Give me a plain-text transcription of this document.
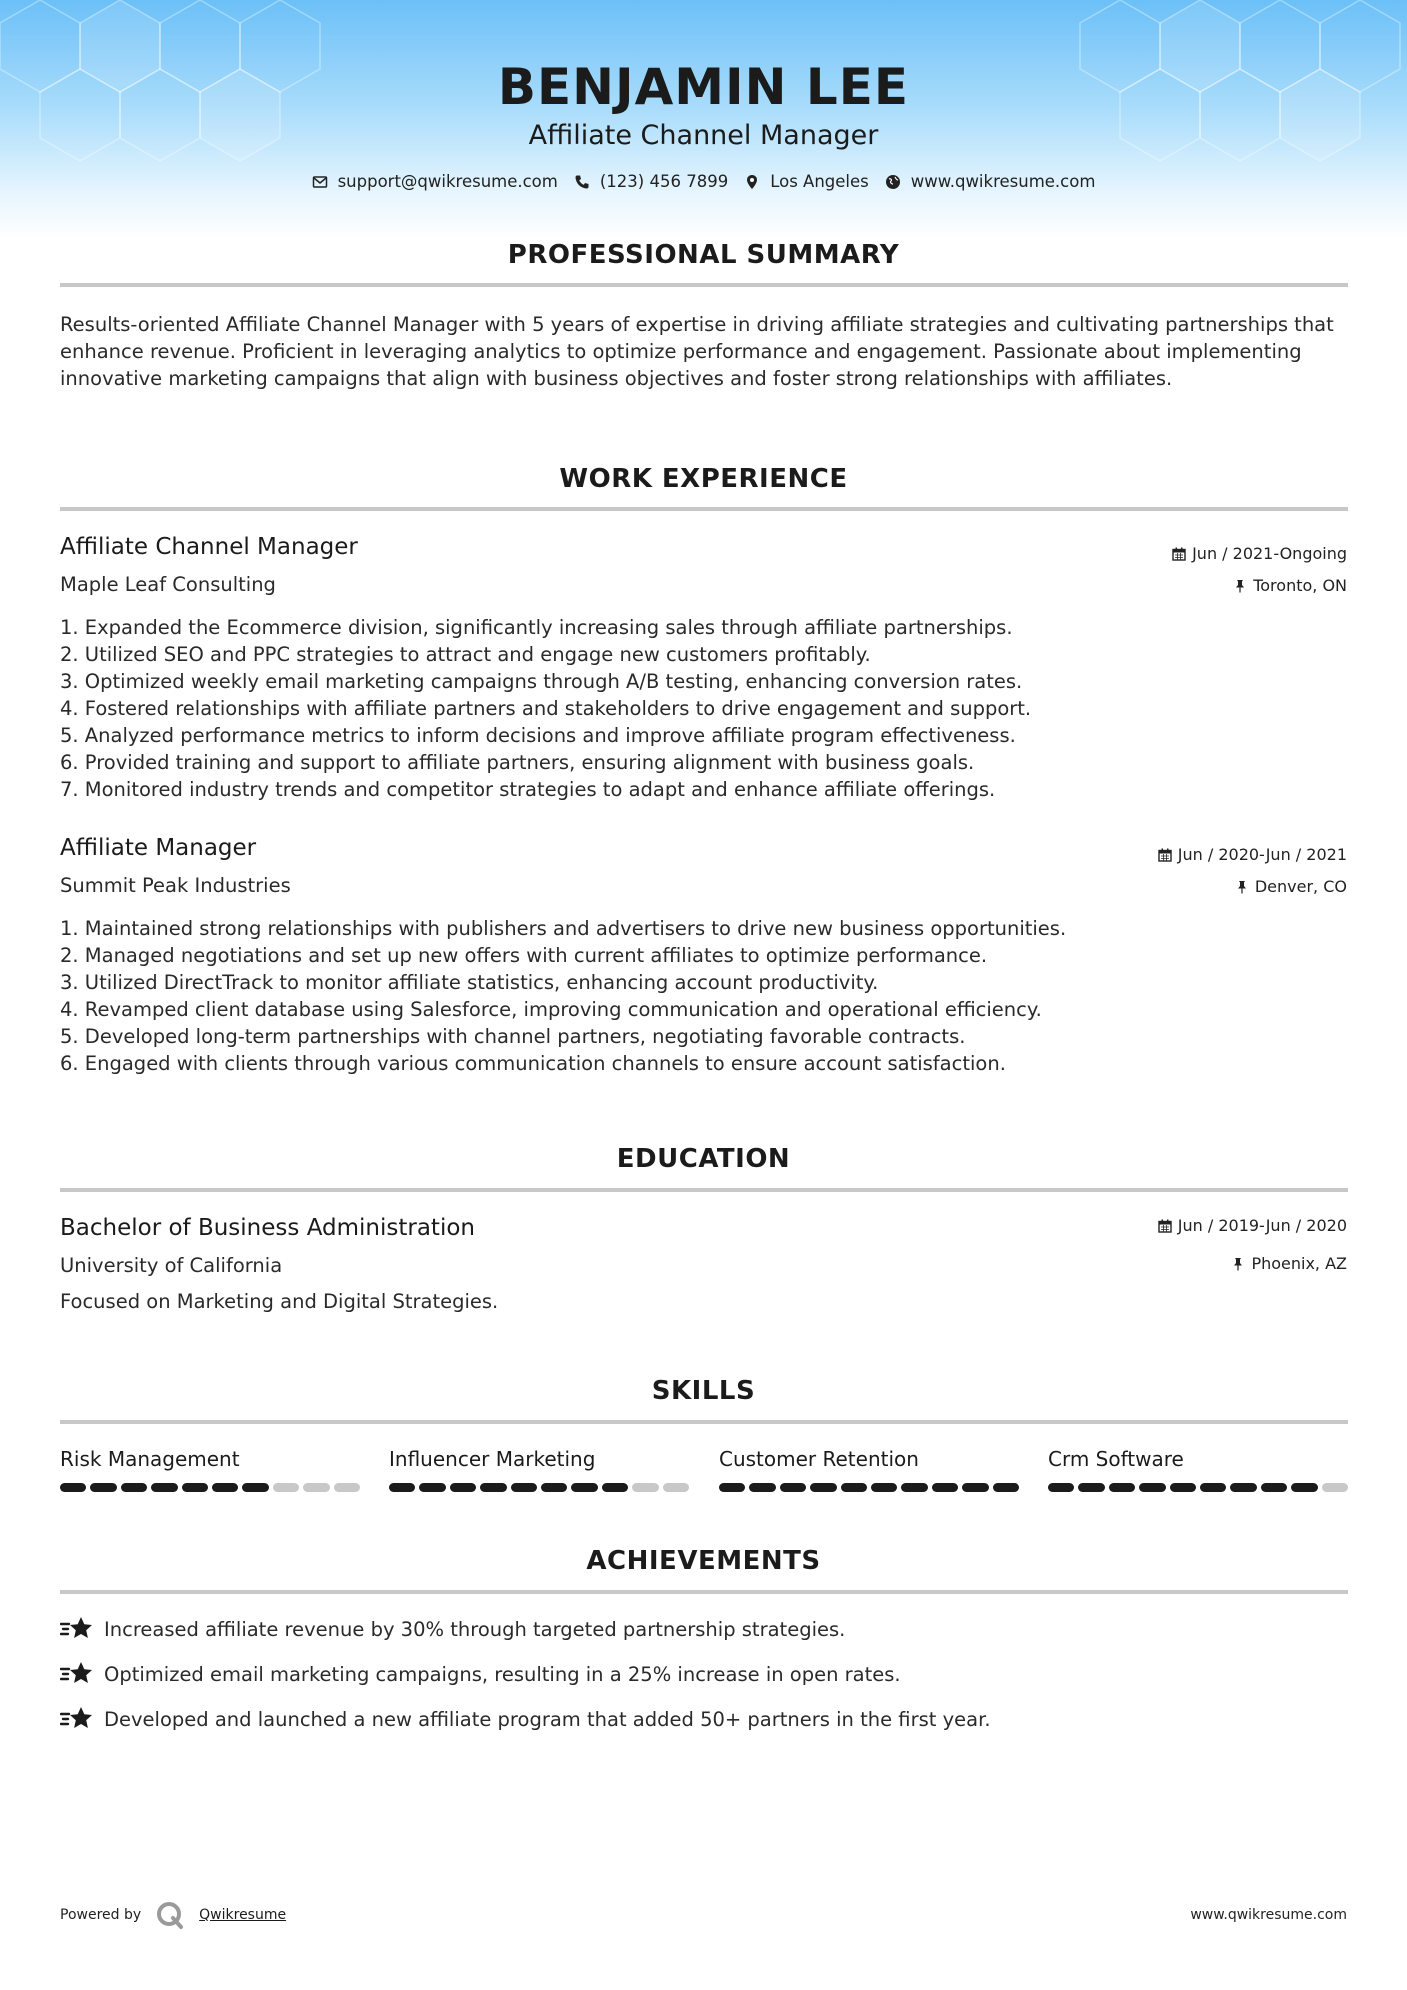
BENJAMIN LEE
Affiliate Channel Manager
support@qwikresume.com	(123) 456 7899	Los Angeles	www.qwikresume.com
PROFESSIONAL SUMMARY
Results-oriented Affiliate Channel Manager with 5 years of expertise in driving affiliate strategies and cultivating partnerships that enhance revenue. Proficient in leveraging analytics to optimize performance and engagement. Passionate about implementing innovative marketing campaigns that align with business objectives and foster strong relationships with affiliates.
WORK EXPERIENCE
Affiliate Channel Manager	Jun / 2021-Ongoing
Maple Leaf Consulting	Toronto, ON
1. Expanded the Ecommerce division, significantly increasing sales through affiliate partnerships.
2. Utilized SEO and PPC strategies to attract and engage new customers profitably.
3. Optimized weekly email marketing campaigns through A/B testing, enhancing conversion rates.
4. Fostered relationships with affiliate partners and stakeholders to drive engagement and support.
5. Analyzed performance metrics to inform decisions and improve affiliate program effectiveness.
6. Provided training and support to affiliate partners, ensuring alignment with business goals.
7. Monitored industry trends and competitor strategies to adapt and enhance affiliate offerings.
Affiliate Manager	Jun / 2020-Jun / 2021
Summit Peak Industries	Denver, CO
1. Maintained strong relationships with publishers and advertisers to drive new business opportunities.
2. Managed negotiations and set up new offers with current affiliates to optimize performance.
3. Utilized DirectTrack to monitor affiliate statistics, enhancing account productivity.
4. Revamped client database using Salesforce, improving communication and operational efficiency.
5. Developed long-term partnerships with channel partners, negotiating favorable contracts.
6. Engaged with clients through various communication channels to ensure account satisfaction.
EDUCATION
Bachelor of Business Administration	Jun / 2019-Jun / 2020
University of California	Phoenix, AZ
Focused on Marketing and Digital Strategies.
SKILLS
Risk Management	Influencer Marketing	Customer Retention	Crm Software
ACHIEVEMENTS
Increased affiliate revenue by 30% through targeted partnership strategies.
Optimized email marketing campaigns, resulting in a 25% increase in open rates.
Developed and launched a new affiliate program that added 50+ partners in the first year.
Powered by	Qwikresume	www.qwikresume.com
